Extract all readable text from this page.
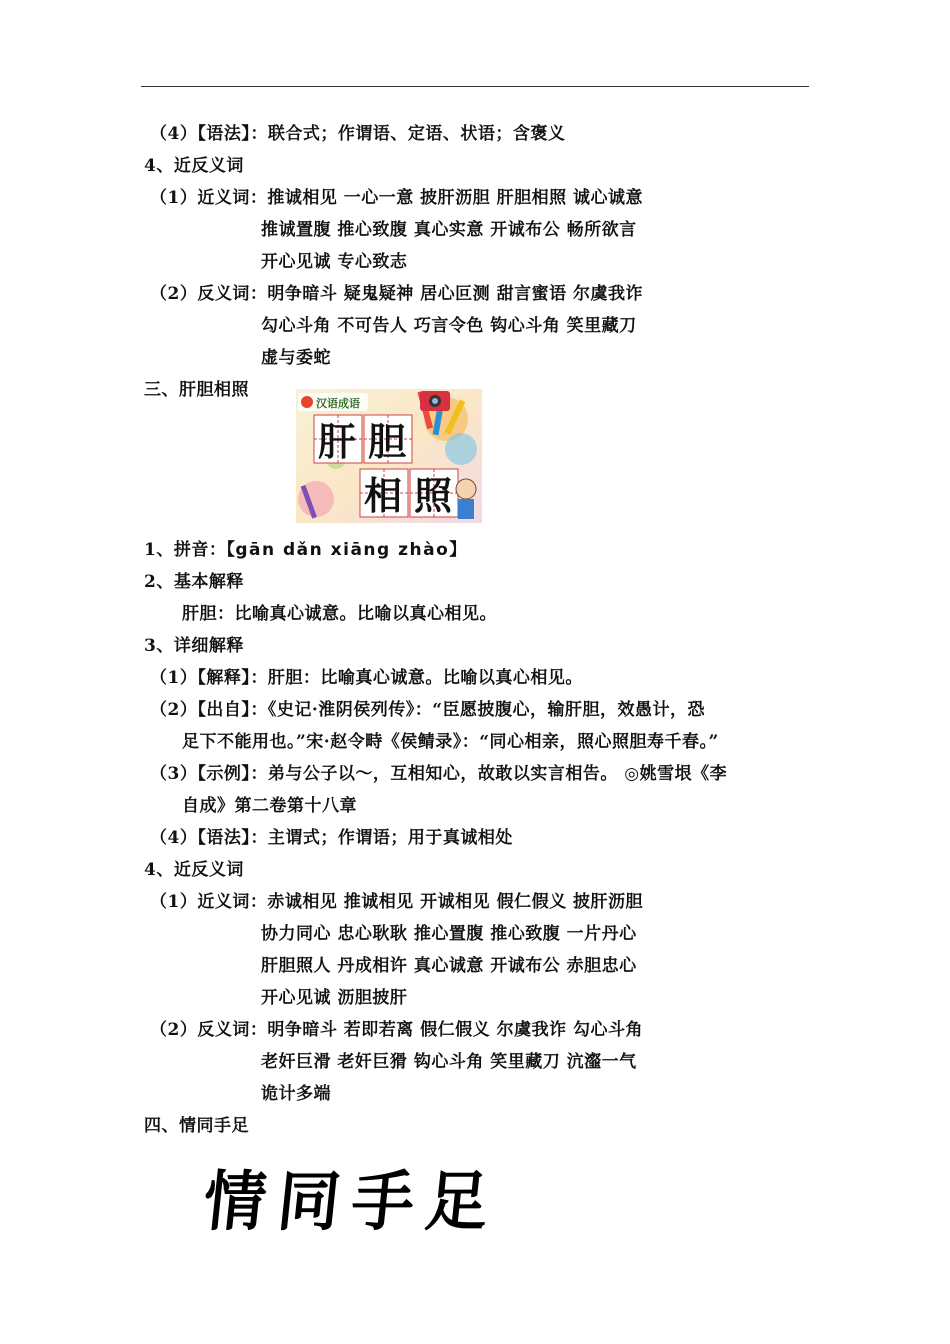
（4）【语法】：联合式；作谓语、定语、状语；含褒义
4、近反义词
（1）近义词：推诚相见 一心一意 披肝沥胆 肝胆相照 诚心诚意
推诚置腹 推心致腹 真心实意 开诚布公 畅所欲言
开心见诚 专心致志
（2）反义词：明争暗斗 疑鬼疑神 居心叵测 甜言蜜语 尔虞我诈
勾心斗角 不可告人 巧言令色 钩心斗角 笑里藏刀
虚与委蛇
三、肝胆相照
汉语成语
肝 胆
相 照
1、拼音：【gān dǎn xiāng zhào】
2、基本解释
肝胆：比喻真心诚意。比喻以真心相见。
3、详细解释
（1）【解释】：肝胆：比喻真心诚意。比喻以真心相见。
（2）【出自】：《史记·淮阴侯列传》：“臣愿披腹心，输肝胆，效愚计，恐
足下不能用也。”宋·赵令畤《侯鲭录》：“同心相亲，照心照胆寿千春。”
（3）【示例】：弟与公子以～，互相知心，故敢以实言相告。 ◎姚雪垠《李
自成》第二卷第十八章
（4）【语法】：主谓式；作谓语；用于真诚相处
4、近反义词
（1）近义词：赤诚相见 推诚相见 开诚相见 假仁假义 披肝沥胆
协力同心 忠心耿耿 推心置腹 推心致腹 一片丹心
肝胆照人 丹成相许 真心诚意 开诚布公 赤胆忠心
开心见诚 沥胆披肝
（2）反义词：明争暗斗 若即若离 假仁假义 尔虞我诈 勾心斗角
老奸巨滑 老奸巨猾 钩心斗角 笑里藏刀 沆瀣一气
诡计多端
四、情同手足
情同手足
